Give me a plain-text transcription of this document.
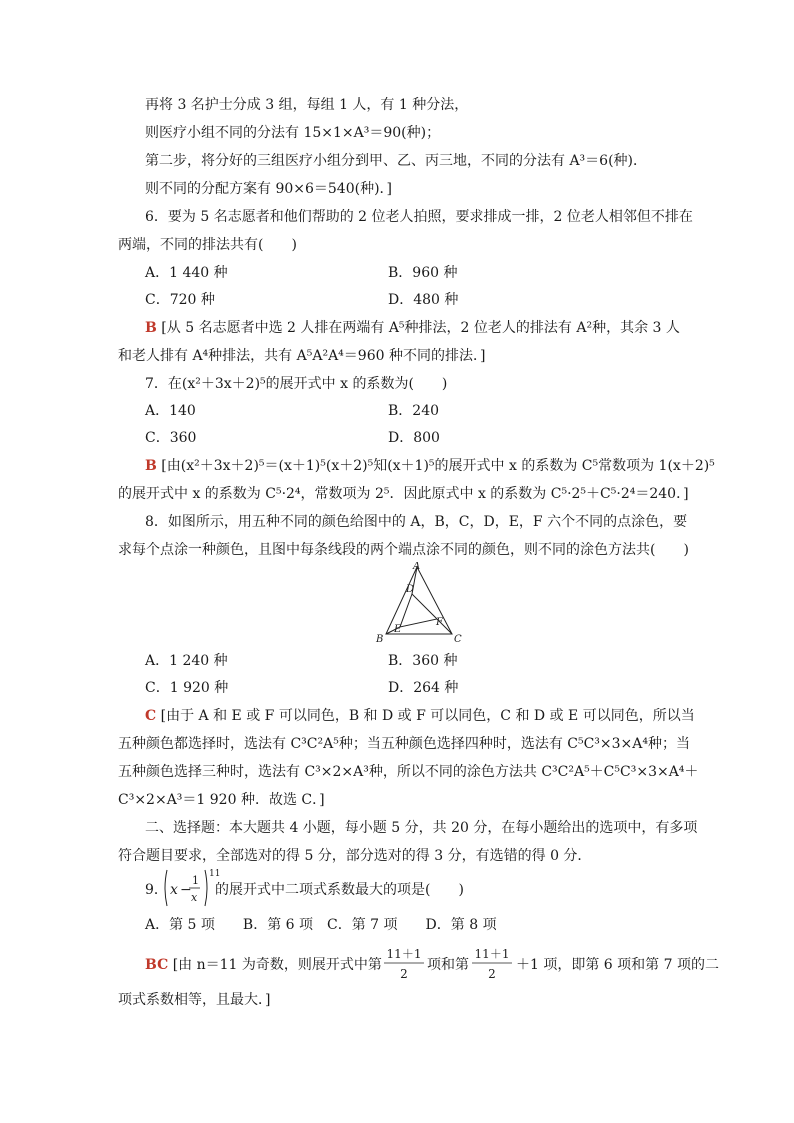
再将 3 名护士分成 3 组，每组 1 人，有 1 种分法，
则医疗小组不同的分法有 15×1×A³＝90(种)；
第二步，将分好的三组医疗小组分到甲、乙、丙三地，不同的分法有 A³＝6(种)．
则不同的分配方案有 90×6＝540(种)．]
6．要为 5 名志愿者和他们帮助的 2 位老人拍照，要求排成一排，2 位老人相邻但不排在
两端，不同的排法共有(　　)
A．1 440 种	B．960 种
C．720 种	D．480 种
B [从 5 名志愿者中选 2 人排在两端有 A⁵种排法，2 位老人的排法有 A²种，其余 3 人
和老人排有 A⁴种排法，共有 A⁵A²A⁴＝960 种不同的排法．]
7．在(x²＋3x＋2)⁵的展开式中 x 的系数为(　　)
A．140	B．240
C．360	D．800
B [由(x²＋3x＋2)⁵＝(x＋1)⁵(x＋2)⁵知(x＋1)⁵的展开式中 x 的系数为 C⁵常数项为 1(x＋2)⁵
的展开式中 x 的系数为 C⁵·2⁴，常数项为 2⁵．因此原式中 x 的系数为 C⁵·2⁵＋C⁵·2⁴＝240．]
8．如图所示，用五种不同的颜色给图中的 A，B，C，D，E，F 六个不同的点涂色，要
求每个点涂一种颜色，且图中每条线段的两个端点涂不同的颜色，则不同的涂色方法共(　　)
A
B	C
D
E
F
A．1 240 种	B．360 种
C．1 920 种	D．264 种
C [由于 A 和 E 或 F 可以同色，B 和 D 或 F 可以同色，C 和 D 或 E 可以同色，所以当
五种颜色都选择时，选法有 C³C²A⁵种；当五种颜色选择四种时，选法有 C⁵C³×3×A⁴种；当
五种颜色选择三种时，选法有 C³×2×A³种，所以不同的涂色方法共 C³C²A⁵＋C⁵C³×3×A⁴＋
C³×2×A³＝1 920 种．故选 C．]
二、选择题：本大题共 4 小题，每小题 5 分，共 20 分，在每小题给出的选项中，有多项
符合题目要求，全部选对的得 5 分，部分选对的得 3 分，有选错的得 0 分．
9． x −
1
x
11
的展开式中二项式系数最大的项是(　　)
A．第 5 项　　B．第 6 项　C．第 7 项　　D．第 8 项
BC [由 n＝11 为奇数，则展开式中第
11＋1
2
项和第
11＋1
2
＋1 项，即第 6 项和第 7 项的二
项式系数相等，且最大．]
